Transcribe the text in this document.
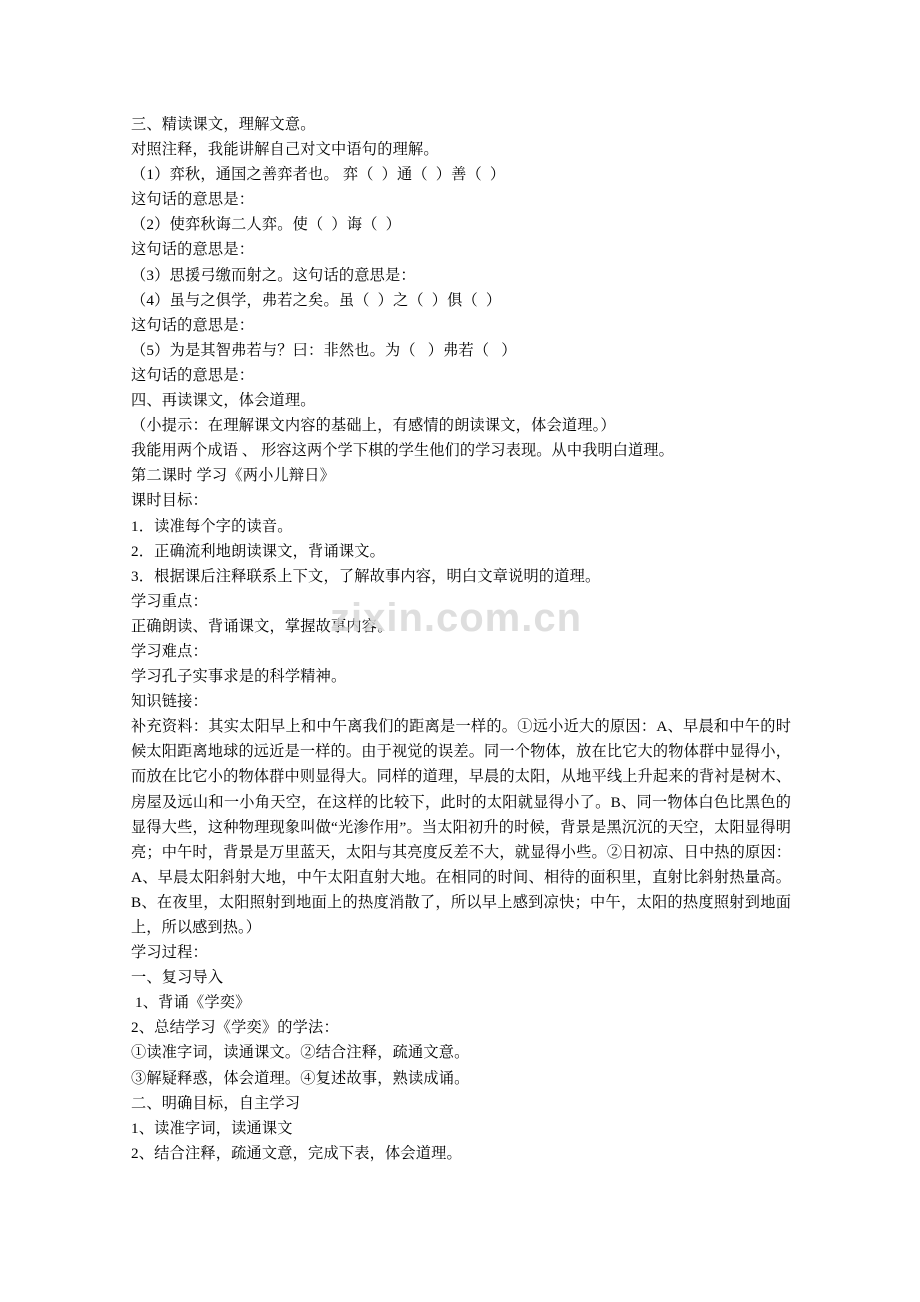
三、精读课文，理解文意。
对照注释，我能讲解自己对文中语句的理解。
（1）弈秋，通国之善弈者也。 弈（  ）通（  ）善（  ）
这句话的意思是：
（2）使弈秋诲二人弈。使（  ）诲（  ）
这句话的意思是：
（3）思援弓缴而射之。这句话的意思是：
（4）虽与之俱学，弗若之矣。虽（  ）之（  ）俱（  ）
这句话的意思是：
（5）为是其智弗若与？曰：非然也。为（   ）弗若（   ）
这句话的意思是：
四、再读课文，体会道理。
（小提示：在理解课文内容的基础上，有感情的朗读课文，体会道理。）
我能用两个成语 、 形容这两个学下棋的学生他们的学习表现。从中我明白道理。
第二课时 学习《两小儿辩日》
课时目标：
1．读准每个字的读音。
2．正确流利地朗读课文，背诵课文。
3．根据课后注释联系上下文，了解故事内容，明白文章说明的道理。
学习重点：
正确朗读、背诵课文，掌握故事内容。
学习难点：
学习孔子实事求是的科学精神。
知识链接：
补充资料：其实太阳早上和中午离我们的距离是一样的。①远小近大的原因：A、早晨和中午的时候太阳距离地球的远近是一样的。由于视觉的误差。同一个物体，放在比它大的物体群中显得小，而放在比它小的物体群中则显得大。同样的道理，早晨的太阳，从地平线上升起来的背衬是树木、房屋及远山和一小角天空，在这样的比较下，此时的太阳就显得小了。B、同一物体白色比黑色的显得大些，这种物理现象叫做“光渗作用”。当太阳初升的时候，背景是黑沉沉的天空，太阳显得明亮；中午时，背景是万里蓝天，太阳与其亮度反差不大，就显得小些。②日初凉、日中热的原因：A、早晨太阳斜射大地，中午太阳直射大地。在相同的时间、相待的面积里，直射比斜射热量高。B、在夜里，太阳照射到地面上的热度消散了，所以早上感到凉快；中午，太阳的热度照射到地面上，所以感到热。）
学习过程：
一、复习导入
1、背诵《学奕》
2、总结学习《学奕》的学法：
①读准字词，读通课文。②结合注释，疏通文意。
③解疑释惑，体会道理。④复述故事，熟读成诵。
二、明确目标，自主学习
1、读准字词，读通课文
2、结合注释，疏通文意，完成下表，体会道理。
zixin.com.cn
